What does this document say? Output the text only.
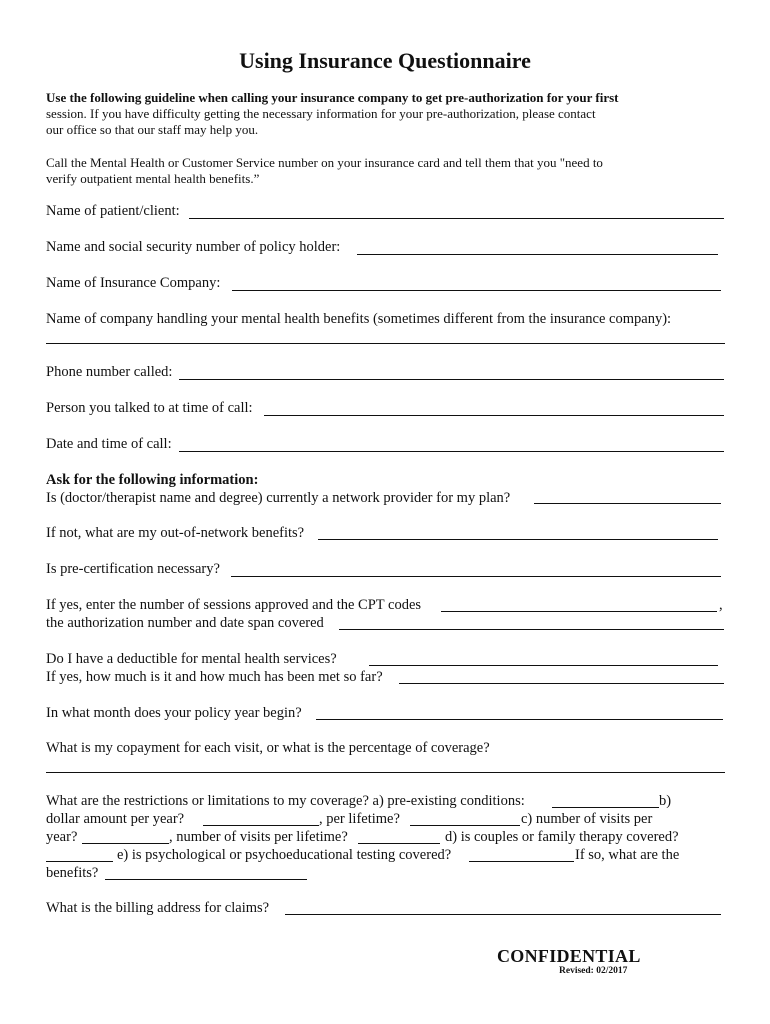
Using Insurance Questionnaire
Use the following guideline when calling your insurance company to get pre-authorization for your first
session. If you have difficulty getting the necessary information for your pre-authorization, please contact
our office so that our staff may help you.
Call the Mental Health or Customer Service number on your insurance card and tell them that you "need to
verify outpatient mental health benefits.”
Name of patient/client:
Name and social security number of policy holder:
Name of Insurance Company:
Name of company handling your mental health benefits (sometimes different from the insurance company):
Phone number called:
Person you talked to at time of call:
Date and time of call:
Ask for the following information:
Is (doctor/therapist name and degree) currently a network provider for my plan?
If not, what are my out-of-network benefits?
Is pre-certification necessary?
If yes, enter the number of sessions approved and the CPT codes	,
the authorization number and date span covered
Do I have a deductible for mental health services?
If yes, how much is it and how much has been met so far?
In what month does your policy year begin?
What is my copayment for each visit, or what is the percentage of coverage?
What are the restrictions or limitations to my coverage? a) pre-existing conditions:	b)
dollar amount per year?	, per lifetime?	c) number of visits per
year?	, number of visits per lifetime?	d) is couples or family therapy covered?
e) is psychological or psychoeducational testing covered?	If so, what are the
benefits?
What is the billing address for claims?
CONFIDENTIAL
Revised: 02/2017
